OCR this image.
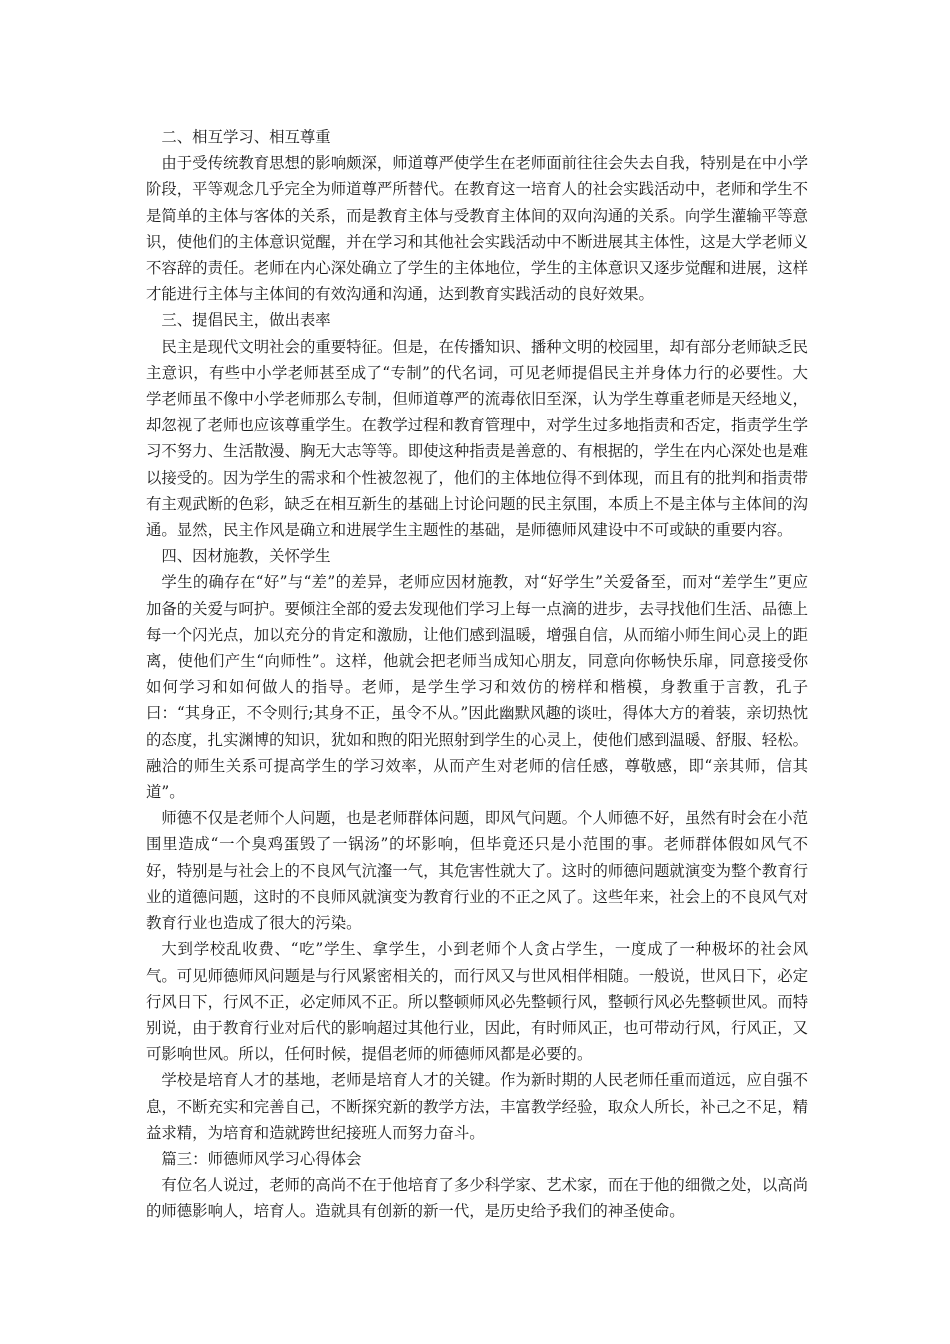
二、相互学习、相互尊重

由于受传统教育思想的影响颇深，师道尊严使学生在老师面前往往会失去自我，特别是在中小学阶段，平等观念几乎完全为师道尊严所替代。在教育这一培育人的社会实践活动中，老师和学生不是简单的主体与客体的关系，而是教育主体与受教育主体间的双向沟通的关系。向学生灌输平等意识，使他们的主体意识觉醒，并在学习和其他社会实践活动中不断进展其主体性，这是大学老师义不容辞的责任。老师在内心深处确立了学生的主体地位，学生的主体意识又逐步觉醒和进展，这样才能进行主体与主体间的有效沟通和沟通，达到教育实践活动的良好效果。

三、提倡民主，做出表率

民主是现代文明社会的重要特征。但是，在传播知识、播种文明的校园里，却有部分老师缺乏民主意识，有些中小学老师甚至成了“专制”的代名词，可见老师提倡民主并身体力行的必要性。大学老师虽不像中小学老师那么专制，但师道尊严的流毒依旧至深，认为学生尊重老师是天经地义，却忽视了老师也应该尊重学生。在教学过程和教育管理中，对学生过多地指责和否定，指责学生学习不努力、生活散漫、胸无大志等等。即使这种指责是善意的、有根据的，学生在内心深处也是难以接受的。因为学生的需求和个性被忽视了，他们的主体地位得不到体现，而且有的批判和指责带有主观武断的色彩，缺乏在相互新生的基础上讨论问题的民主氛围，本质上不是主体与主体间的沟通。显然，民主作风是确立和进展学生主题性的基础，是师德师风建设中不可或缺的重要内容。

四、因材施教，关怀学生

学生的确存在“好”与“差”的差异，老师应因材施教，对“好学生”关爱备至，而对“差学生”更应加备的关爱与呵护。要倾注全部的爱去发现他们学习上每一点滴的进步，去寻找他们生活、品德上每一个闪光点，加以充分的肯定和激励，让他们感到温暖，增强自信，从而缩小师生间心灵上的距离，使他们产生“向师性”。这样，他就会把老师当成知心朋友，同意向你畅快乐扉，同意接受你如何学习和如何做人的指导。老师，是学生学习和效仿的榜样和楷模，身教重于言教，孔子曰：“其身正，不令则行;其身不正，虽令不从。”因此幽默风趣的谈吐，得体大方的着装，亲切热忱的态度，扎实渊博的知识，犹如和煦的阳光照射到学生的心灵上，使他们感到温暖、舒服、轻松。融洽的师生关系可提高学生的学习效率，从而产生对老师的信任感，尊敬感，即“亲其师，信其道”。

师德不仅是老师个人问题，也是老师群体问题，即风气问题。个人师德不好，虽然有时会在小范围里造成“一个臭鸡蛋毁了一锅汤”的坏影响，但毕竟还只是小范围的事。老师群体假如风气不好，特别是与社会上的不良风气沆瀣一气，其危害性就大了。这时的师德问题就演变为整个教育行业的道德问题，这时的不良师风就演变为教育行业的不正之风了。这些年来，社会上的不良风气对教育行业也造成了很大的污染。

大到学校乱收费、“吃”学生、拿学生，小到老师个人贪占学生，一度成了一种极坏的社会风气。可见师德师风问题是与行风紧密相关的，而行风又与世风相伴相随。一般说，世风日下，必定行风日下，行风不正，必定师风不正。所以整顿师风必先整顿行风，整顿行风必先整顿世风。而特别说，由于教育行业对后代的影响超过其他行业，因此，有时师风正，也可带动行风，行风正，又可影响世风。所以，任何时候，提倡老师的师德师风都是必要的。

学校是培育人才的基地，老师是培育人才的关键。作为新时期的人民老师任重而道远，应自强不息，不断充实和完善自己，不断探究新的教学方法，丰富教学经验，取众人所长，补己之不足，精益求精，为培育和造就跨世纪接班人而努力奋斗。

篇三：师德师风学习心得体会

有位名人说过，老师的高尚不在于他培育了多少科学家、艺术家，而在于他的细微之处，以高尚的师德影响人，培育人。造就具有创新的新一代，是历史给予我们的神圣使命。
